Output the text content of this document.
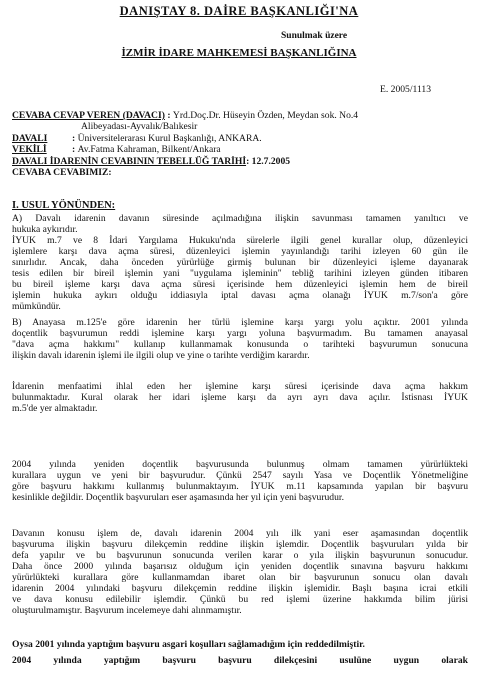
DANIŞTAY 8. DAİRE BAŞKANLIĞI'NA
Sunulmak üzere
İZMİR İDARE MAHKEMESİ BAŞKANLIĞINA
E. 2005/1113
CEVABA CEVAP VEREN (DAVACI) : Yrd.Doç.Dr. Hüseyin Özden, Meydan sok. No.4
Alibeyadası-Ayvalık/Balıkesir
DAVALI	: Üniversitelerarası Kurul Başkanlığı, ANKARA.
VEKİLİ	: Av.Fatma Kahraman, Bilkent/Ankara
DAVALI İDARENİN CEVABININ TEBELLÜĞ TARİHİ: 12.7.2005
CEVABA CEVABIMIZ:
I. USUL YÖNÜNDEN:
A) Davalı idarenin davanın süresinde açılmadığına ilişkin savunması tamamen yanıltıcı ve
hukuka aykırıdır.
İYUK m.7 ve 8 İdari Yargılama Hukuku'nda sürelerle ilgili genel kurallar olup, düzenleyici
işlemlere karşı dava açma süresi, düzenleyici işlemin yayınlandığı tarihi izleyen 60 gün ile
sınırlıdır. Ancak, daha önceden yürürlüğe girmiş bulunan bir düzenleyici işleme dayanarak
tesis edilen bir bireil işlemin yani "uygulama işleminin" tebliğ tarihini izleyen günden itibaren
bu bireil işleme karşı dava açma süresi içerisinde hem düzenleyici işlemin hem de bireil
işlemin hukuka aykırı olduğu iddiasıyla iptal davası açma olanağı İYUK m.7/son'a göre
mümkündür.
B) Anayasa m.125'e göre idarenin her türlü işlemine karşı yargı yolu açıktır. 2001 yılında
doçentlik başvurumun reddi işlemine karşı yargı yoluna başvurmadım. Bu tamamen anayasal
"dava açma hakkımı" kullanıp kullanmamak konusunda o tarihteki başvurumun sonucuna
ilişkin davalı idarenin işlemi ile ilgili olup ve yine o tarihte verdiğim karardır.
İdarenin menfaatimi ihlal eden her işlemine karşı süresi içerisinde dava açma hakkım
bulunmaktadır. Kural olarak her idari işleme karşı da ayrı ayrı dava açılır. İstisnası İYUK
m.5'de yer almaktadır.
2004 yılında yeniden doçentlik başvurusunda bulunmuş olmam tamamen yürürlükteki
kurallara uygun ve yeni bir başvurudur. Çünkü 2547 sayılı Yasa ve Doçentlik Yönetmeliğine
göre başvuru hakkımı kullanmış bulunmaktayım. İYUK m.11 kapsamında yapılan bir başvuru
kesinlikle değildir. Doçentlik başvuruları eser aşamasında her yıl için yeni başvurudur.
Davanın konusu işlem de, davalı idarenin 2004 yılı ilk yani eser aşamasından doçentlik
başvuruma ilişkin başvuru dilekçemin reddine ilişkin işlemdir. Doçentlik başvuruları yılda bir
defa yapılır ve bu başvurunun sonucunda verilen karar o yıla ilişkin başvurunun sonucudur.
Daha önce 2000 yılında başarısız olduğum için yeniden doçentlik sınavına başvuru hakkımı
yürürlükteki kurallara göre kullanmamdan ibaret olan bir başvurunun sonucu olan davalı
idarenin 2004 yılındaki başvuru dilekçemin reddine ilişkin işlemidir. Başlı başına icrai etkili
ve dava konusu edilebilir işlemdir. Çünkü bu red işlemi üzerine hakkımda bilim jürisi
oluşturulmamıştır. Başvurum incelemeye dahi alınmamıştır.
Oysa 2001 yılında yaptığım başvuru asgari koşulları sağlamadığım için reddedilmiştir.
2004 yılında yaptığım başvuru başvuru dilekçesini usulüne uygun olarak
